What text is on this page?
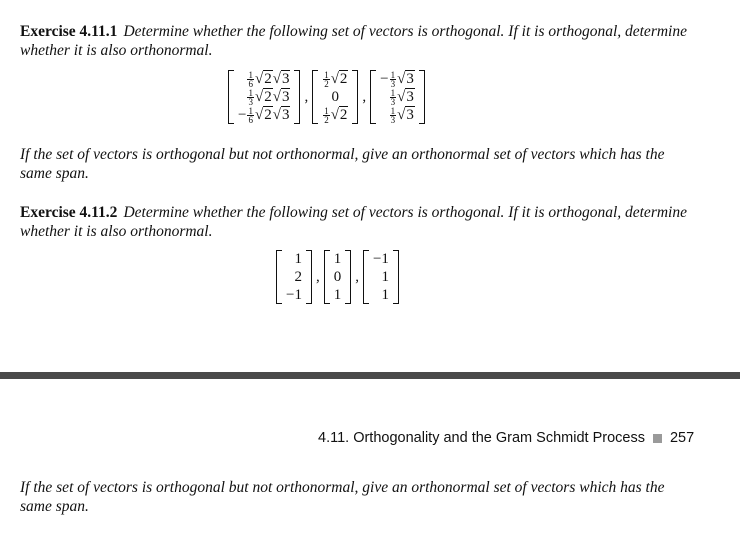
Exercise 4.11.1 Determine whether the following set of vectors is orthogonal. If it is orthogonal, determine whether it is also orthonormal.
$\frac{1}{6} √2√3$
$\frac{1}{3} √2√3$
− $\frac{1}{6} √2√3$
,
$\frac{1}{2} √2$
0
$\frac{1}{2} √2$
,
− $\frac{1}{3} √3$
$\frac{1}{3} √3$
$\frac{1}{3} √3$
If the set of vectors is orthogonal but not orthonormal, give an orthonormal set of vectors which has the same span.
Exercise 4.11.2 Determine whether the following set of vectors is orthogonal. If it is orthogonal, determine whether it is also orthonormal.
1
2
−1
,
1
0
1
,
−1
1
1
4.11. Orthogonality and the Gram Schmidt Process 257
If the set of vectors is orthogonal but not orthonormal, give an orthonormal set of vectors which has the same span.
